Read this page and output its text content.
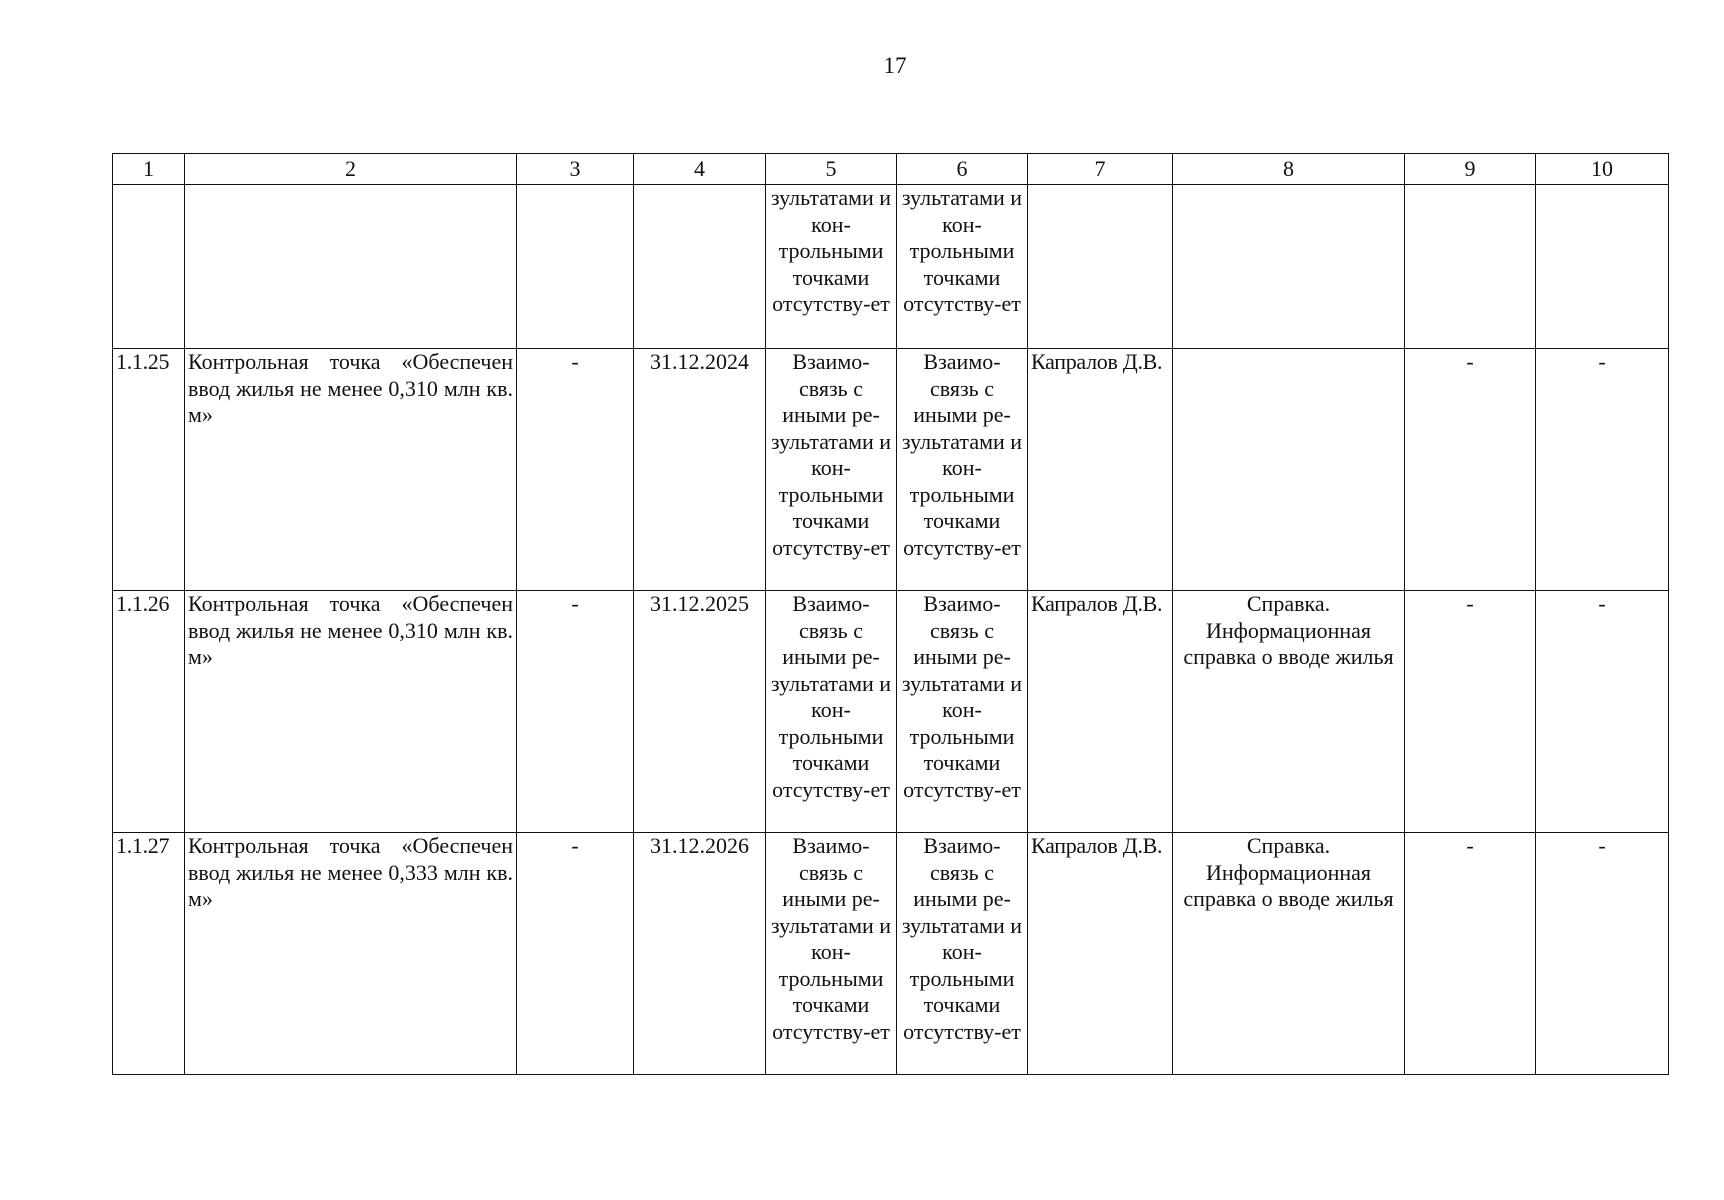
17
1	2	3	4	5	6	7	8	9	10
				зультатами и кон-трольными точками отсутству-ет	зультатами и кон-трольными точками отсутству-ет				
1.1.25	Контрольная точка «Обеспечен ввод жилья не менее 0,310 млн кв. м»	-	31.12.2024	Взаимо-связь с иными ре-зультатами и кон-трольными точками отсутству-ет	Взаимо-связь с иными ре-зультатами и кон-трольными точками отсутству-ет	Капралов Д.В.		-	-
1.1.26	Контрольная точка «Обеспечен ввод жилья не менее 0,310 млн кв. м»	-	31.12.2025	Взаимо-связь с иными ре-зультатами и кон-трольными точками отсутству-ет	Взаимо-связь с иными ре-зультатами и кон-трольными точками отсутству-ет	Капралов Д.В.	Справка. Информационная справка о вводе жилья	-	-
1.1.27	Контрольная точка «Обеспечен ввод жилья не менее 0,333 млн кв. м»	-	31.12.2026	Взаимо-связь с иными ре-зультатами и кон-трольными точками отсутству-ет	Взаимо-связь с иными ре-зультатами и кон-трольными точками отсутству-ет	Капралов Д.В.	Справка. Информационная справка о вводе жилья	-	-
